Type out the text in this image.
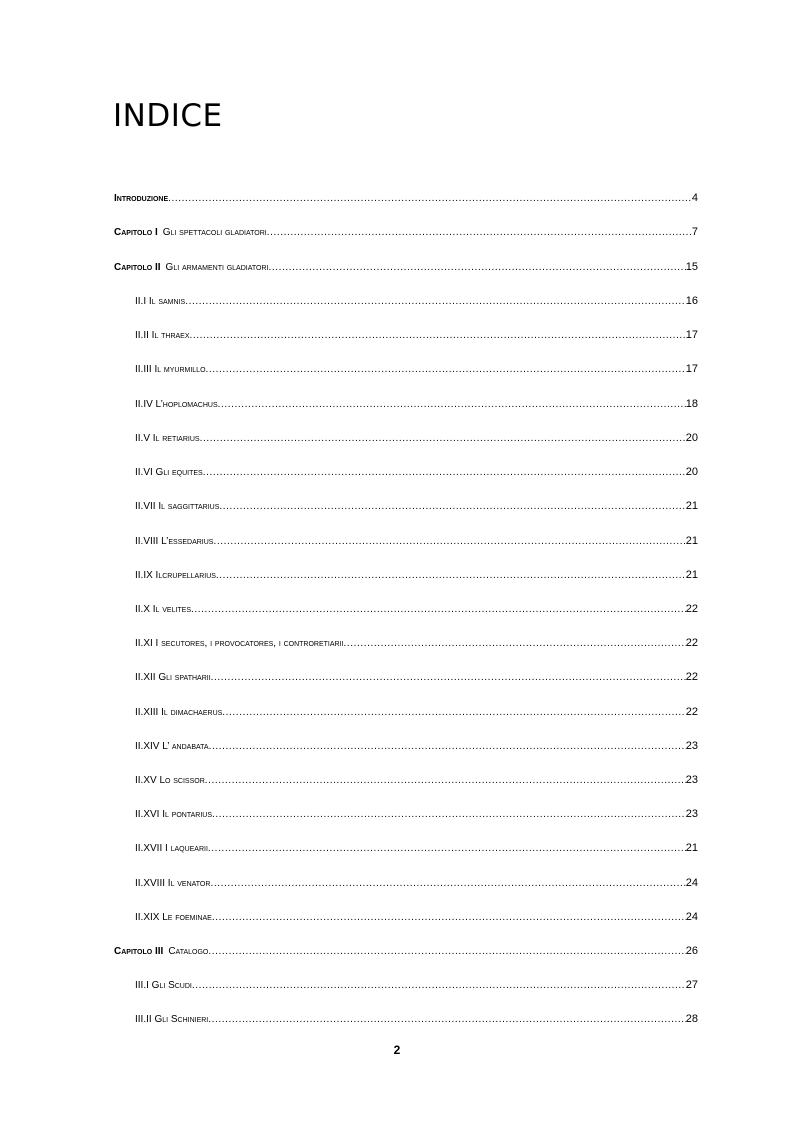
INDICE
Introduzione .....	4
Capitolo I Gli spettacoli gladiatori .....	7
Capitolo II Gli armamenti gladiatori .....	15
II.I Il samnis .....	16
II.II Il thraex .....	17
II.III Il myurmillo .....	17
II.IV L’hoplomachus .....	18
II.V Il retiarius .....	20
II.VI Gli equites .....	20
II.VII Il saggittarius .....	21
II.VIII L’essedarius .....	21
II.IX Ilcrupellarius .....	21
II.X Il velites .....	22
II.XI I secutores, i provocatores, i controretiarii .....	22
II.XII Gli spatharii .....	22
II.XIII Il dimachaerus .....	22
II.XIV L’ andabata .....	23
II.XV Lo scissor .....	23
II.XVI Il pontarius .....	23
II.XVII I laquearii .....	21
II.XVIII Il venator .....	24
II.XIX Le foeminae .....	24
Capitolo III Catalogo .....	26
III.I Gli Scudi .....	27
III.II Gli Schinieri .....	28
2
